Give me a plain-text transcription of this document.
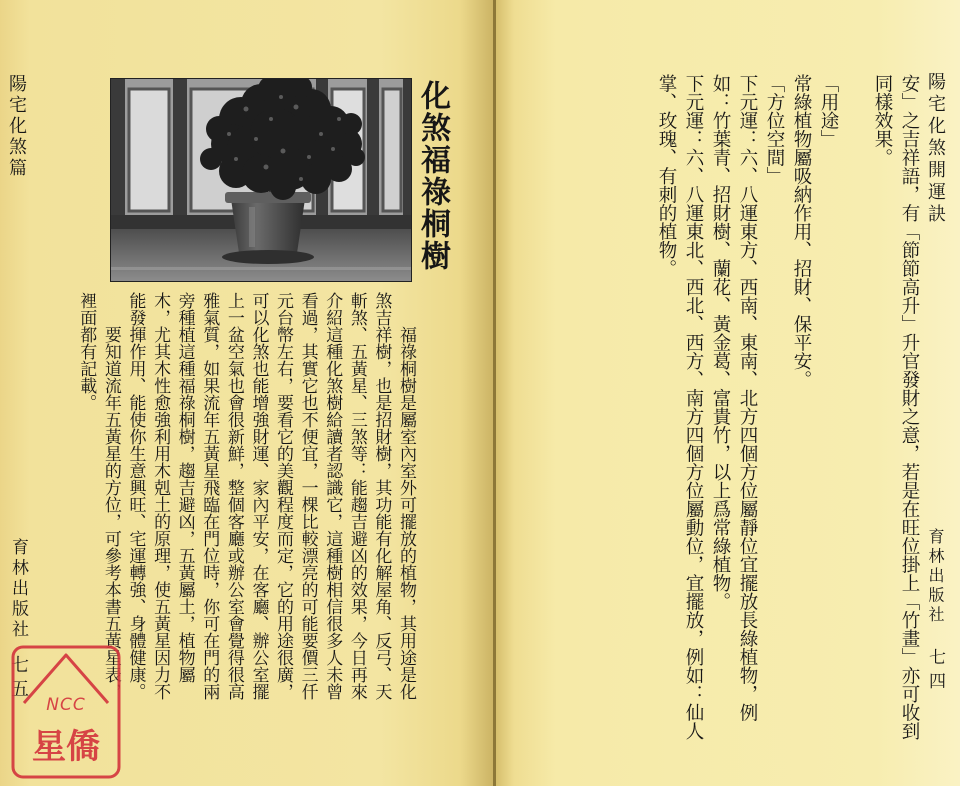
陽宅化煞篇
育林出版社
七五
化煞福祿桐樹
福祿桐樹是屬室內室外可擺放的植物，其用途是化
煞吉祥樹，也是招財樹，其功能有化解屋角、反弓、天
斬煞、五黃星、三煞等：能趨吉避凶的效果，今日再來
介紹這種化煞樹給讀者認識它，這種樹相信很多人未曾
看過，其實它也不便宜，一棵比較漂亮的可能要價三仟
元台幣左右，要看它的美觀程度而定，它的用途很廣，
可以化煞也能增強財運、家內平安，在客廳、辦公室擺
上一盆空氣也會很新鮮，整個客廳或辦公室會覺得很高
雅氣質，如果流年五黃星飛臨在門位時，你可在門的兩
旁種植這種福祿桐樹，趨吉避凶，五黃屬土，植物屬
木，尤其木性愈強利用木剋土的原理，使五黃星因力不
能發揮作用、能使你生意興旺、宅運轉強、身體健康。
要知道流年五黃星的方位，可參考本書五黃星表，
裡面都有記載。
陽宅化煞開運訣
育林出版社
七四
安」之吉祥語，有「節節高升」升官發財之意，若是在旺位掛上「竹畫」亦可收到
同樣效果。
「用途」
常綠植物屬吸納作用、招財、保平安。
「方位空間」
下元運：六、八運東方、西南、東南、北方四個方位屬靜位宜擺放長綠植物，例
如：竹葉青、招財樹、蘭花、黃金葛、富貴竹，以上爲常綠植物。
下元運：六、八運東北、西北、西方、南方四個方位屬動位，宜擺放，例如：仙人
掌、玫瑰、有刺的植物。
NCC
星僑
